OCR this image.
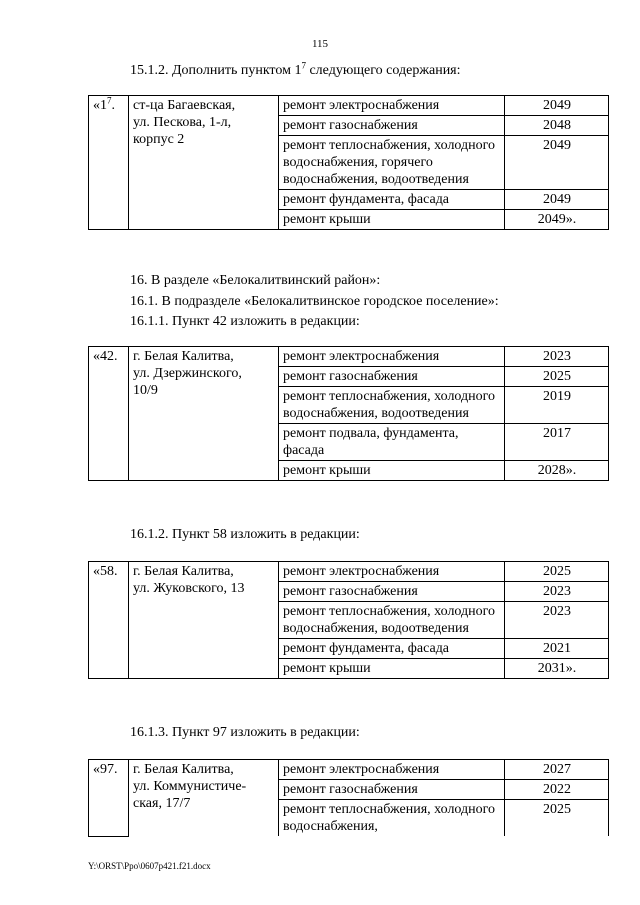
115
15.1.2. Дополнить пунктом $1^7$ следующего содержания:
«$1^7$.	ст-ца Багаевская,
ул. Пескова, 1-л,
корпус 2	ремонт электроснабжения	2049
		ремонт газоснабжения	2048
		ремонт теплоснабжения, холодного водоснабжения, горячего водоснабжения, водоотведения	2049
		ремонт фундамента, фасада	2049
		ремонт крыши	2049».
16. В разделе «Белокалитвинский район»:
16.1. В подразделе «Белокалитвинское городское поселение»:
16.1.1. Пункт 42 изложить в редакции:
«42.	г. Белая Калитва,
ул. Дзержинского,
10/9	ремонт электроснабжения	2023
		ремонт газоснабжения	2025
		ремонт теплоснабжения, холодного водоснабжения, водоотведения	2019
		ремонт подвала, фундамента, фасада	2017
		ремонт крыши	2028».
16.1.2. Пункт 58 изложить в редакции:
«58.	г. Белая Калитва,
ул. Жуковского, 13	ремонт электроснабжения	2025
		ремонт газоснабжения	2023
		ремонт теплоснабжения, холодного водоснабжения, водоотведения	2023
		ремонт фундамента, фасада	2021
		ремонт крыши	2031».
16.1.3. Пункт 97 изложить в редакции:
«97.	г. Белая Калитва,
ул. Коммунистиче-
ская, 17/7	ремонт электроснабжения	2027
		ремонт газоснабжения	2022
		ремонт теплоснабжения, холодного водоснабжения,	2025
Y:\ORST\Ppo\0607p421.f21.docx
